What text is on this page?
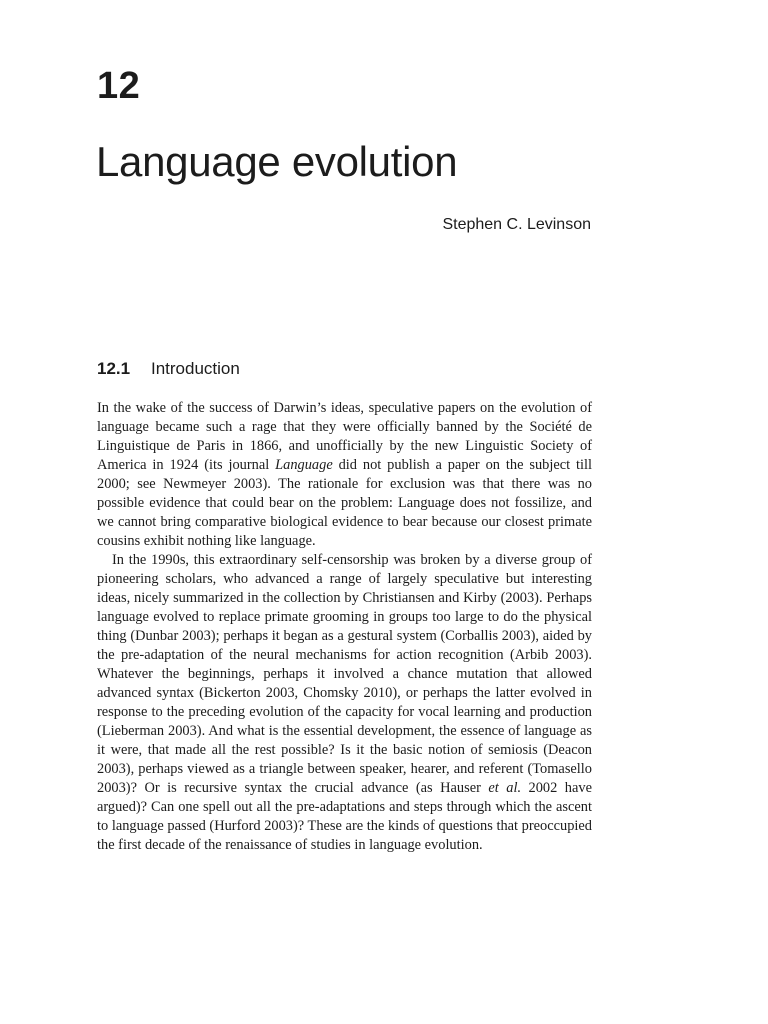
12
Language evolution

Stephen C. Levinson

12.1 Introduction

In the wake of the success of Darwin’s ideas, speculative papers on the evolution of language became such a rage that they were officially banned by the Société de Linguistique de Paris in 1866, and unofficially by the new Linguistic Society of America in 1924 (its journal Language did not publish a paper on the subject till 2000; see Newmeyer 2003). The rationale for exclusion was that there was no possible evidence that could bear on the problem: Language does not fossilize, and we cannot bring comparative biological evidence to bear because our closest primate cousins exhibit nothing like language.

In the 1990s, this extraordinary self-censorship was broken by a diverse group of pioneering scholars, who advanced a range of largely speculative but interesting ideas, nicely summarized in the collection by Christiansen and Kirby (2003). Perhaps language evolved to replace primate grooming in groups too large to do the physical thing (Dunbar 2003); perhaps it began as a gestural system (Corballis 2003), aided by the pre-adaptation of the neural mechanisms for action recognition (Arbib 2003). Whatever the beginnings, perhaps it involved a chance mutation that allowed advanced syntax (Bickerton 2003, Chomsky 2010), or perhaps the latter evolved in response to the preceding evolution of the capacity for vocal learning and production (Lieberman 2003). And what is the essential development, the essence of language as it were, that made all the rest possible? Is it the basic notion of semiosis (Deacon 2003), perhaps viewed as a triangle between speaker, hearer, and referent (Tomasello 2003)? Or is recursive syntax the crucial advance (as Hauser et al. 2002 have argued)? Can one spell out all the pre-adaptations and steps through which the ascent to language passed (Hurford 2003)? These are the kinds of questions that preoccupied the first decade of the renaissance of studies in language evolution.
